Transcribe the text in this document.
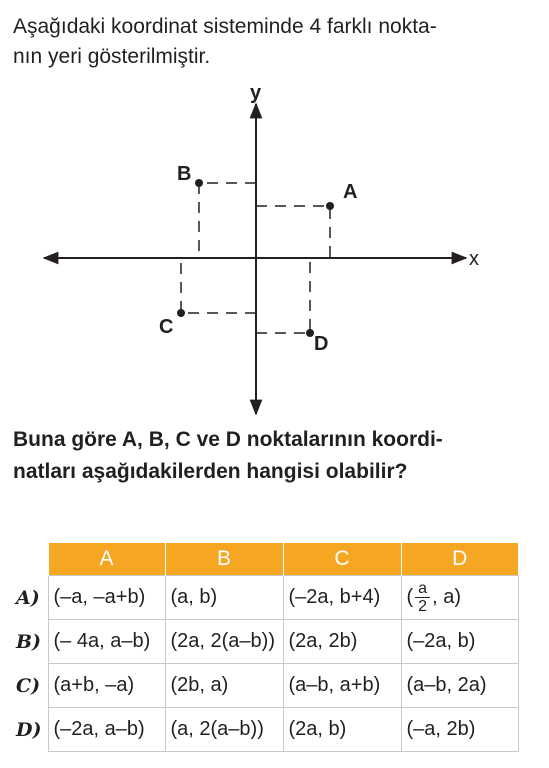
Aşağıdaki koordinat sisteminde 4 farklı nokta-
nın yeri gösterilmiştir.

x
y
A
B
C
D

Buna göre A, B, C ve D noktalarının koordi-
natları aşağıdakilerden hangisi olabilir?

	A	B	C	D
A)	(–a, –a+b)	(a, b)	(–2a, b+4)	( $\frac{a}{2}$ , a)
B)	(– 4a, a–b)	(2a, 2(a–b))	(2a, 2b)	(–2a, b)
C)	(a+b, –a)	(2b, a)	(a–b, a+b)	(a–b, 2a)
D)	(–2a, a–b)	(a, 2(a–b))	(2a, b)	(–a, 2b)
